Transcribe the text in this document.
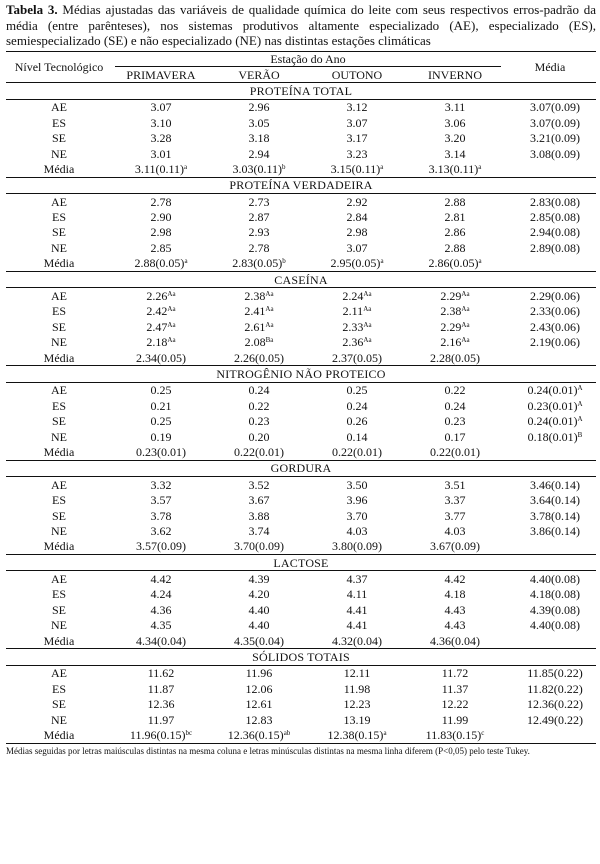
Tabela 3. Médias ajustadas das variáveis de qualidade química do leite com seus respectivos erros-padrão da média (entre parênteses), nos sistemas produtivos altamente especializado (AE), especializado (ES), semiespecializado (SE) e não especializado (NE) nas distintas estações climáticas

Nível Tecnológico	Estação do Ano				Média
	PRIMAVERA	VERÃO	OUTONO	INVERNO	
PROTEÍNA TOTAL					
AE	3.07	2.96	3.12	3.11	3.07(0.09)
ES	3.10	3.05	3.07	3.06	3.07(0.09)
SE	3.28	3.18	3.17	3.20	3.21(0.09)
NE	3.01	2.94	3.23	3.14	3.08(0.09)
Média	$3.11(0.11)^a$	$3.03(0.11)^b$	$3.15(0.11)^a$	$3.13(0.11)^a$	
PROTEÍNA VERDADEIRA					
AE	2.78	2.73	2.92	2.88	2.83(0.08)
ES	2.90	2.87	2.84	2.81	2.85(0.08)
SE	2.98	2.93	2.98	2.86	2.94(0.08)
NE	2.85	2.78	3.07	2.88	2.89(0.08)
Média	$2.88(0.05)^a$	$2.83(0.05)^b$	$2.95(0.05)^a$	$2.86(0.05)^a$	
CASEÍNA					
AE	$2.26^{Aa}$	$2.38^{Aa}$	$2.24^{Aa}$	$2.29^{Aa}$	2.29(0.06)
ES	$2.42^{Aa}$	$2.41^{Aa}$	$2.11^{Aa}$	$2.38^{Aa}$	2.33(0.06)
SE	$2.47^{Aa}$	$2.61^{Aa}$	$2.33^{Aa}$	$2.29^{Aa}$	2.43(0.06)
NE	$2.18^{Aa}$	$2.08^{Ba}$	$2.36^{Aa}$	$2.16^{Aa}$	2.19(0.06)
Média	2.34(0.05)	2.26(0.05)	2.37(0.05)	2.28(0.05)	
NITROGÊNIO NÃO PROTEICO					
AE	0.25	0.24	0.25	0.22	$0.24(0.01)^A$
ES	0.21	0.22	0.24	0.24	$0.23(0.01)^A$
SE	0.25	0.23	0.26	0.23	$0.24(0.01)^A$
NE	0.19	0.20	0.14	0.17	$0.18(0.01)^B$
Média	0.23(0.01)	0.22(0.01)	0.22(0.01)	0.22(0.01)	
GORDURA					
AE	3.32	3.52	3.50	3.51	3.46(0.14)
ES	3.57	3.67	3.96	3.37	3.64(0.14)
SE	3.78	3.88	3.70	3.77	3.78(0.14)
NE	3.62	3.74	4.03	4.03	3.86(0.14)
Média	3.57(0.09)	3.70(0.09)	3.80(0.09)	3.67(0.09)	
LACTOSE					
AE	4.42	4.39	4.37	4.42	4.40(0.08)
ES	4.24	4.20	4.11	4.18	4.18(0.08)
SE	4.36	4.40	4.41	4.43	4.39(0.08)
NE	4.35	4.40	4.41	4.43	4.40(0.08)
Média	4.34(0.04)	4.35(0.04)	4.32(0.04)	4.36(0.04)	
SÓLIDOS TOTAIS					
AE	11.62	11.96	12.11	11.72	11.85(0.22)
ES	11.87	12.06	11.98	11.37	11.82(0.22)
SE	12.36	12.61	12.23	12.22	12.36(0.22)
NE	11.97	12.83	13.19	11.99	12.49(0.22)
Média	$11.96(0.15)^{bc}$	$12.36(0.15)^{ab}$	$12.38(0.15)^a$	$11.83(0.15)^c$	
Médias seguidas por letras maiúsculas distintas na mesma coluna e letras minúsculas distintas na mesma linha diferem (P<0,05) pelo teste Tukey.
